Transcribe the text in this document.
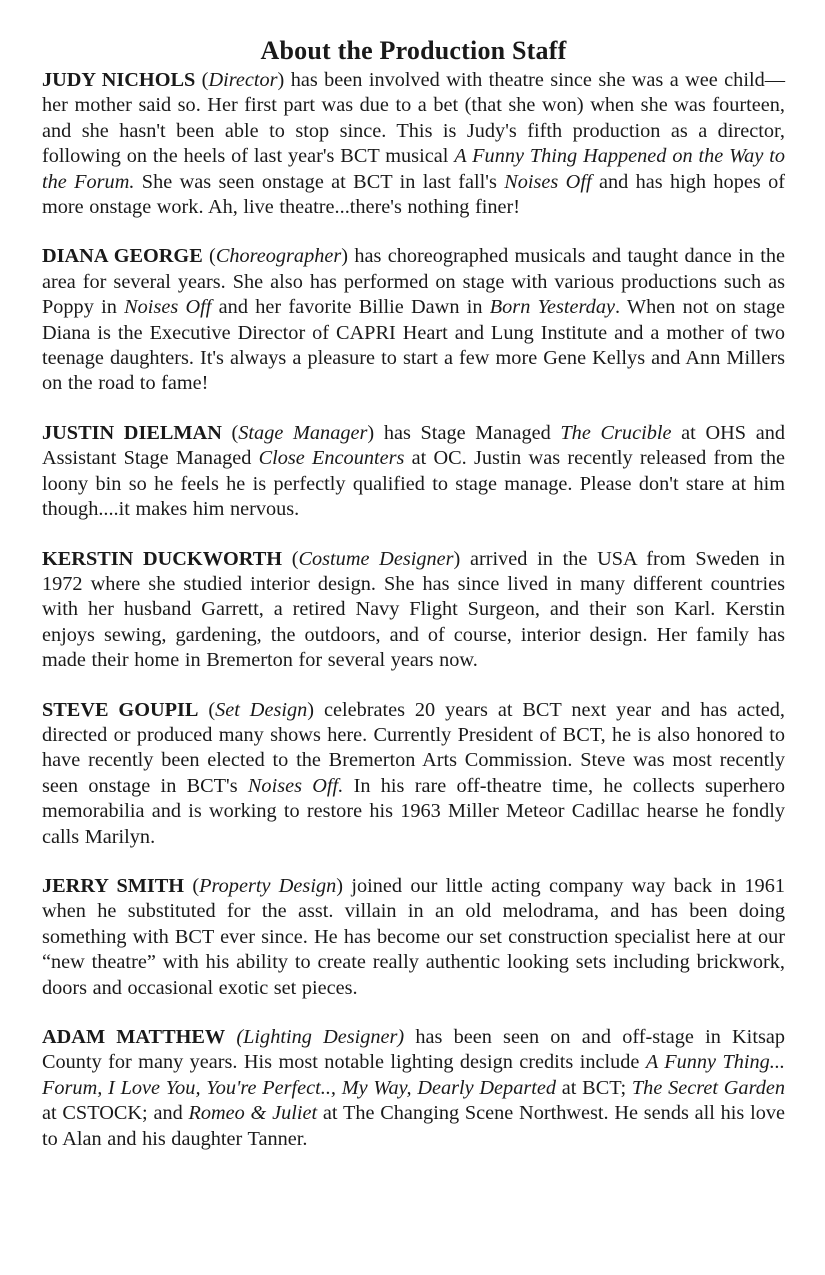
About the Production Staff

JUDY NICHOLS (Director) has been involved with theatre since she was a wee child—her mother said so. Her first part was due to a bet (that she won) when she was fourteen, and she hasn't been able to stop since. This is Judy's fifth production as a director, following on the heels of last year's BCT musical A Funny Thing Happened on the Way to the Forum. She was seen onstage at BCT in last fall's Noises Off and has high hopes of more onstage work. Ah, live theatre...there's nothing finer!

DIANA GEORGE (Choreographer) has choreographed musicals and taught dance in the area for several years. She also has performed on stage with various productions such as Poppy in Noises Off and her favorite Billie Dawn in Born Yesterday. When not on stage Diana is the Executive Director of CAPRI Heart and Lung Institute and a mother of two teenage daughters. It's always a pleasure to start a few more Gene Kellys and Ann Millers on the road to fame!

JUSTIN DIELMAN (Stage Manager) has Stage Managed The Crucible at OHS and Assistant Stage Managed Close Encounters at OC. Justin was recently released from the loony bin so he feels he is perfectly qualified to stage manage. Please don't stare at him though....it makes him nervous.

KERSTIN DUCKWORTH (Costume Designer) arrived in the USA from Sweden in 1972 where she studied interior design. She has since lived in many different countries with her husband Garrett, a retired Navy Flight Surgeon, and their son Karl. Kerstin enjoys sewing, gardening, the outdoors, and of course, interior design. Her family has made their home in Bremerton for several years now.

STEVE GOUPIL (Set Design) celebrates 20 years at BCT next year and has acted, directed or produced many shows here. Currently President of BCT, he is also honored to have recently been elected to the Bremerton Arts Commission. Steve was most recently seen onstage in BCT's Noises Off. In his rare off-theatre time, he collects superhero memorabilia and is working to restore his 1963 Miller Meteor Cadillac hearse he fondly calls Marilyn.

JERRY SMITH (Property Design) joined our little acting company way back in 1961 when he substituted for the asst. villain in an old melodrama, and has been doing something with BCT ever since. He has become our set construction specialist here at our “new theatre” with his ability to create really authentic looking sets including brickwork, doors and occasional exotic set pieces.

ADAM MATTHEW (Lighting Designer) has been seen on and off-stage in Kitsap County for many years. His most notable lighting design credits include A Funny Thing... Forum, I Love You, You're Perfect.., My Way, Dearly Departed at BCT; The Secret Garden at CSTOCK; and Romeo & Juliet at The Changing Scene Northwest. He sends all his love to Alan and his daughter Tanner.
